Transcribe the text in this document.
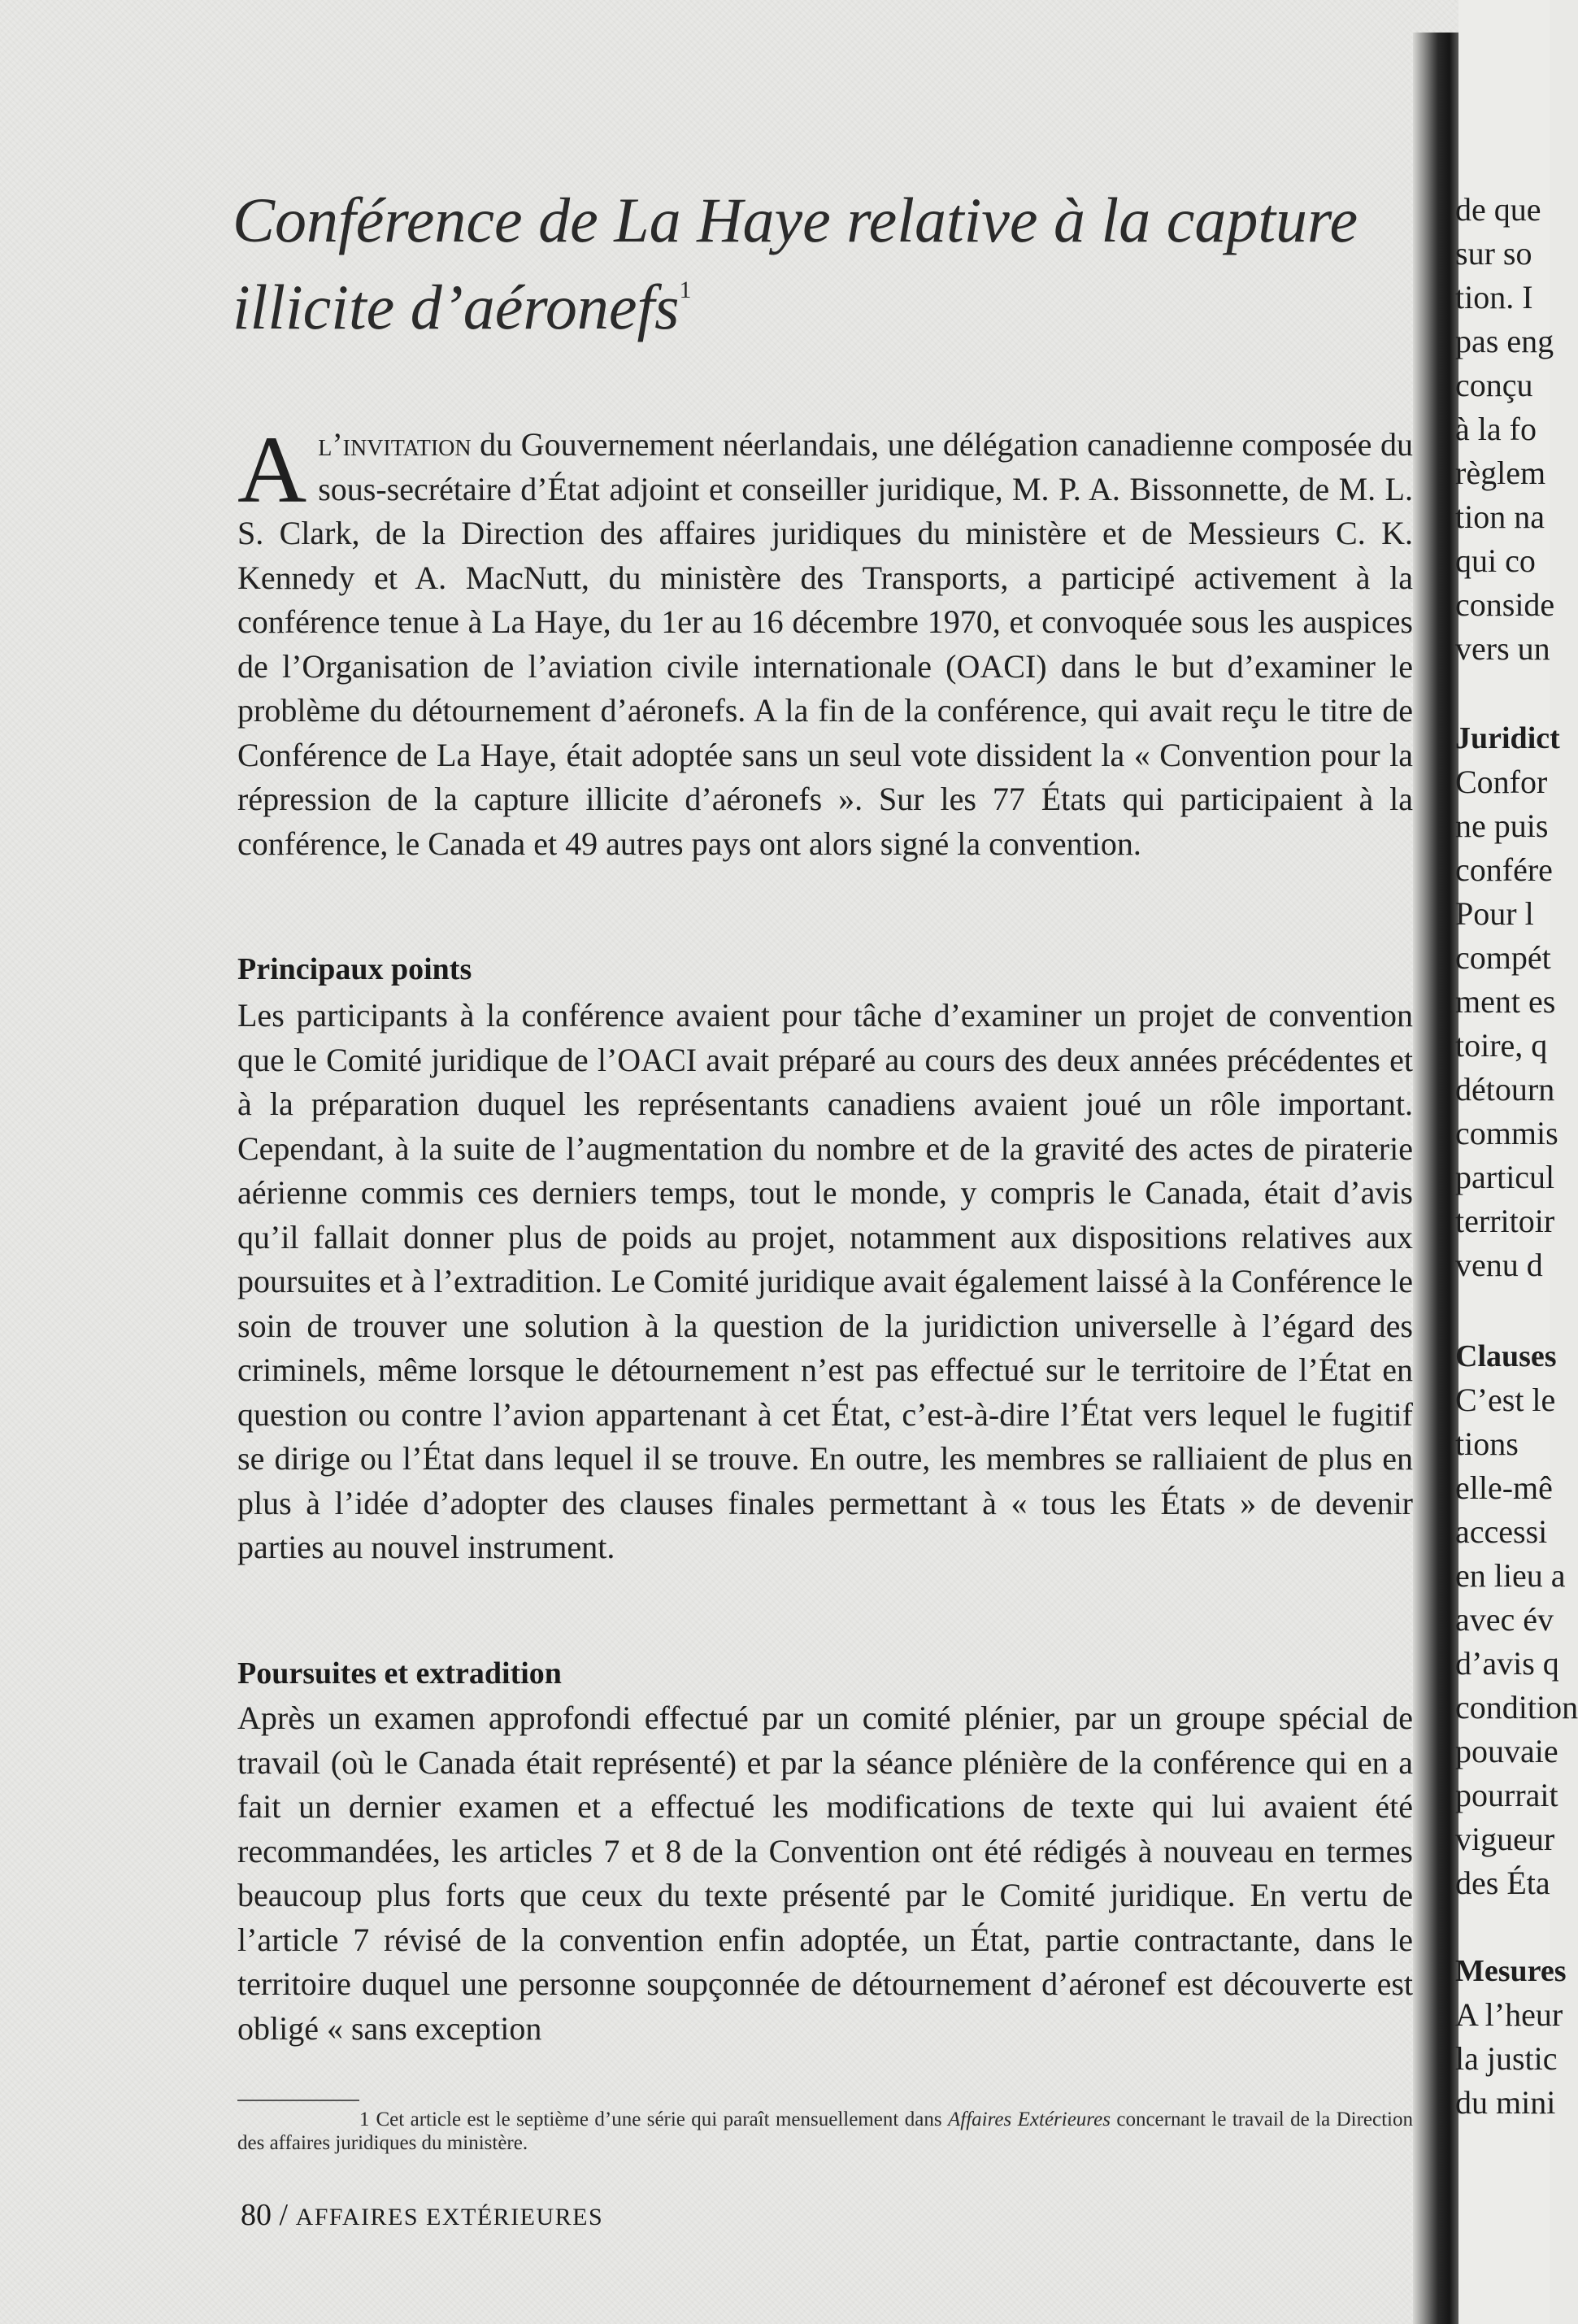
Conférence de La Haye relative à la capture illicite d’aéronefs$^1$
Al’invitation du Gouvernement néerlandais, une délégation canadienne composée du sous-secrétaire d’État adjoint et conseiller juridique, M. P. A. Bissonnette, de M. L. S. Clark, de la Direction des affaires juridiques du ministère et de Messieurs C. K. Kennedy et A. MacNutt, du ministère des Transports, a participé activement à la conférence tenue à La Haye, du 1er au 16 décembre 1970, et convoquée sous les auspices de l’Organisation de l’aviation civile internationale (OACI) dans le but d’examiner le problème du détournement d’aéronefs. A la fin de la conférence, qui avait reçu le titre de Conférence de La Haye, était adoptée sans un seul vote dissident la « Convention pour la répression de la capture illicite d’aéronefs ». Sur les 77 États qui participaient à la conférence, le Canada et 49 autres pays ont alors signé la convention.
Principaux points
Les participants à la conférence avaient pour tâche d’examiner un projet de convention que le Comité juridique de l’OACI avait préparé au cours des deux années précédentes et à la préparation duquel les représentants canadiens avaient joué un rôle important. Cependant, à la suite de l’augmentation du nombre et de la gravité des actes de piraterie aérienne commis ces derniers temps, tout le monde, y compris le Canada, était d’avis qu’il fallait donner plus de poids au projet, notamment aux dispositions relatives aux poursuites et à l’extradition. Le Comité juridique avait également laissé à la Conférence le soin de trouver une solution à la question de la juridiction universelle à l’égard des criminels, même lorsque le détournement n’est pas effectué sur le territoire de l’État en question ou contre l’avion appartenant à cet État, c’est-à-dire l’État vers lequel le fugitif se dirige ou l’État dans lequel il se trouve. En outre, les membres se ralliaient de plus en plus à l’idée d’adopter des clauses finales permettant à « tous les États » de devenir parties au nouvel instrument.
Poursuites et extradition
Après un examen approfondi effectué par un comité plénier, par un groupe spécial de travail (où le Canada était représenté) et par la séance plénière de la conférence qui en a fait un dernier examen et a effectué les modifications de texte qui lui avaient été recommandées, les articles 7 et 8 de la Convention ont été rédigés à nouveau en termes beaucoup plus forts que ceux du texte présenté par le Comité juridique. En vertu de l’article 7 révisé de la convention enfin adoptée, un État, partie contractante, dans le territoire duquel une personne soupçonnée de détournement d’aéronef est découverte est obligé « sans exception
1 Cet article est le septième d’une série qui paraît mensuellement dans Affaires Extérieures concernant le travail de la Direction des affaires juridiques du ministère.
80 / AFFAIRES EXTÉRIEURES
de que
sur so
tion. I
pas eng
conçu
à la fo
règlem
tion na
qui co
conside
vers un
Juridict
Confor
ne puis
confére
Pour l
compét
ment es
toire, q
détourn
commis
particul
territoir
venu d
Clauses
C’est le
tions
elle-mê
accessi
en lieu a
avec év
d’avis q
condition
pouvaie
pourrait
vigueur
des Éta
Mesures
A l’heur
la justic
du mini
